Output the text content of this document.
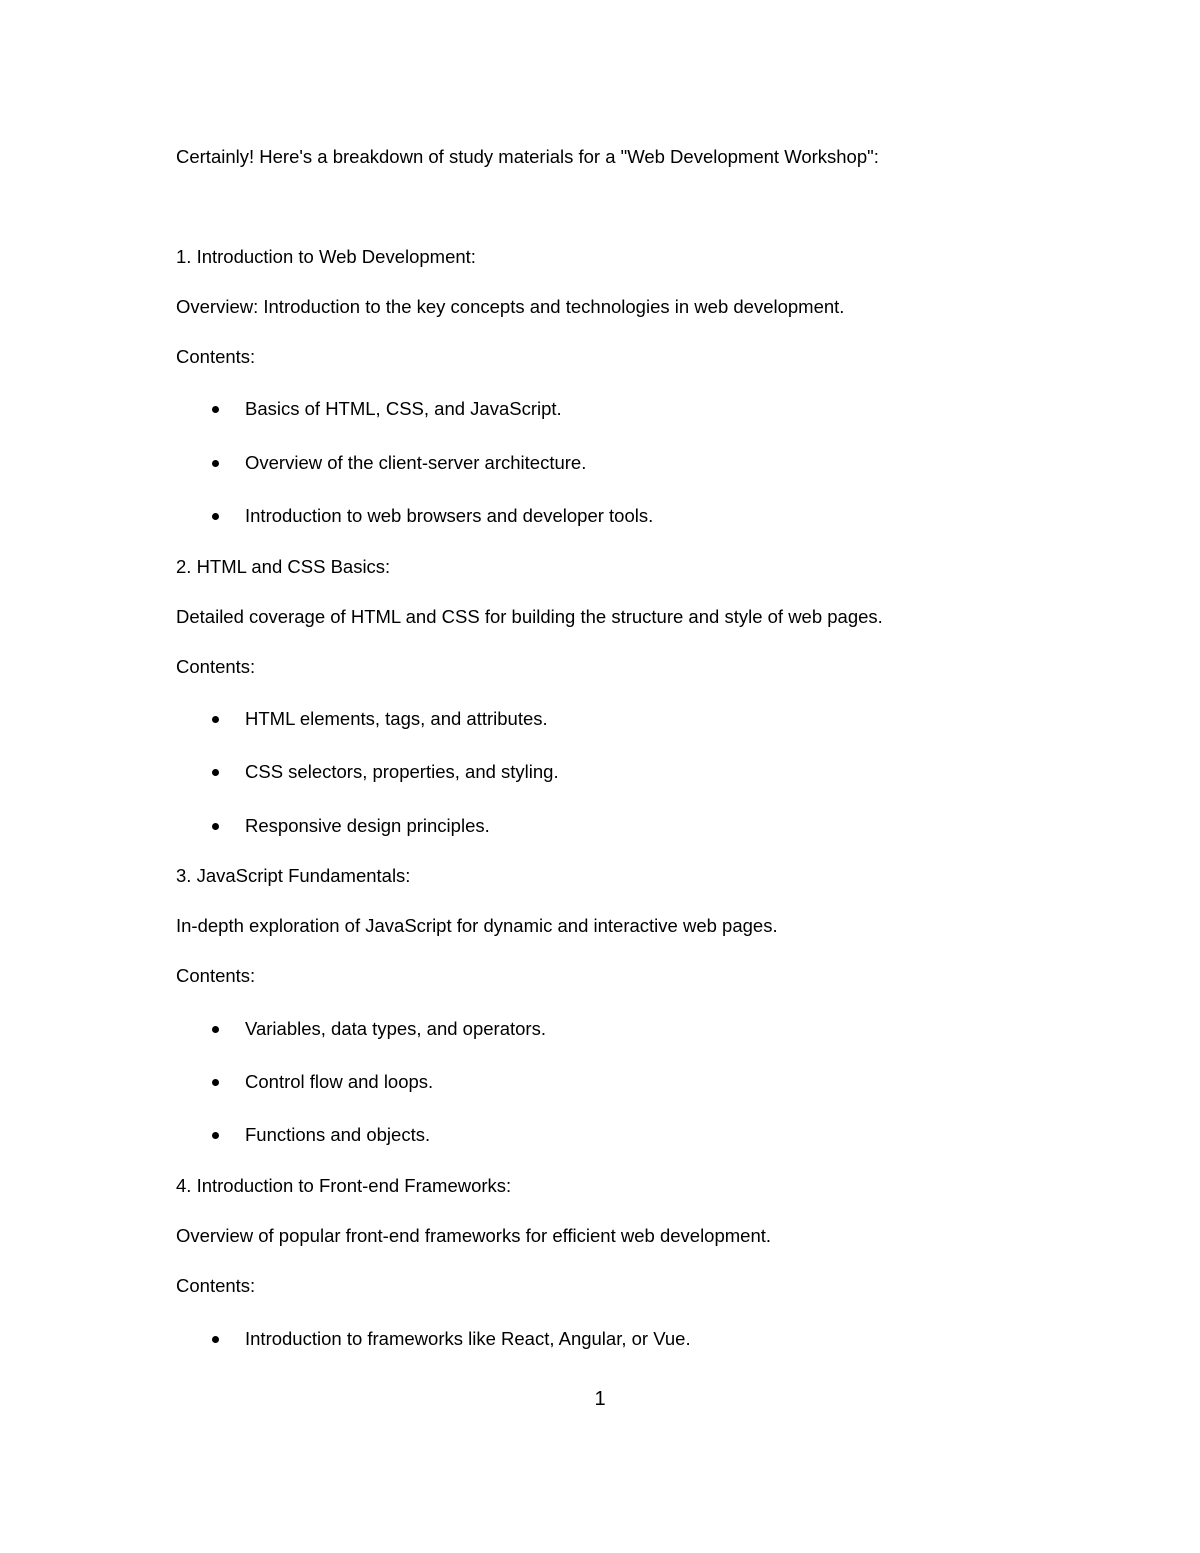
Certainly! Here's a breakdown of study materials for a "Web Development Workshop":
1. Introduction to Web Development:
Overview: Introduction to the key concepts and technologies in web development.
Contents:
Basics of HTML, CSS, and JavaScript.
Overview of the client-server architecture.
Introduction to web browsers and developer tools.
2. HTML and CSS Basics:
Detailed coverage of HTML and CSS for building the structure and style of web pages.
Contents:
HTML elements, tags, and attributes.
CSS selectors, properties, and styling.
Responsive design principles.
3. JavaScript Fundamentals:
In-depth exploration of JavaScript for dynamic and interactive web pages.
Contents:
Variables, data types, and operators.
Control flow and loops.
Functions and objects.
4. Introduction to Front-end Frameworks:
Overview of popular front-end frameworks for efficient web development.
Contents:
Introduction to frameworks like React, Angular, or Vue.
1
